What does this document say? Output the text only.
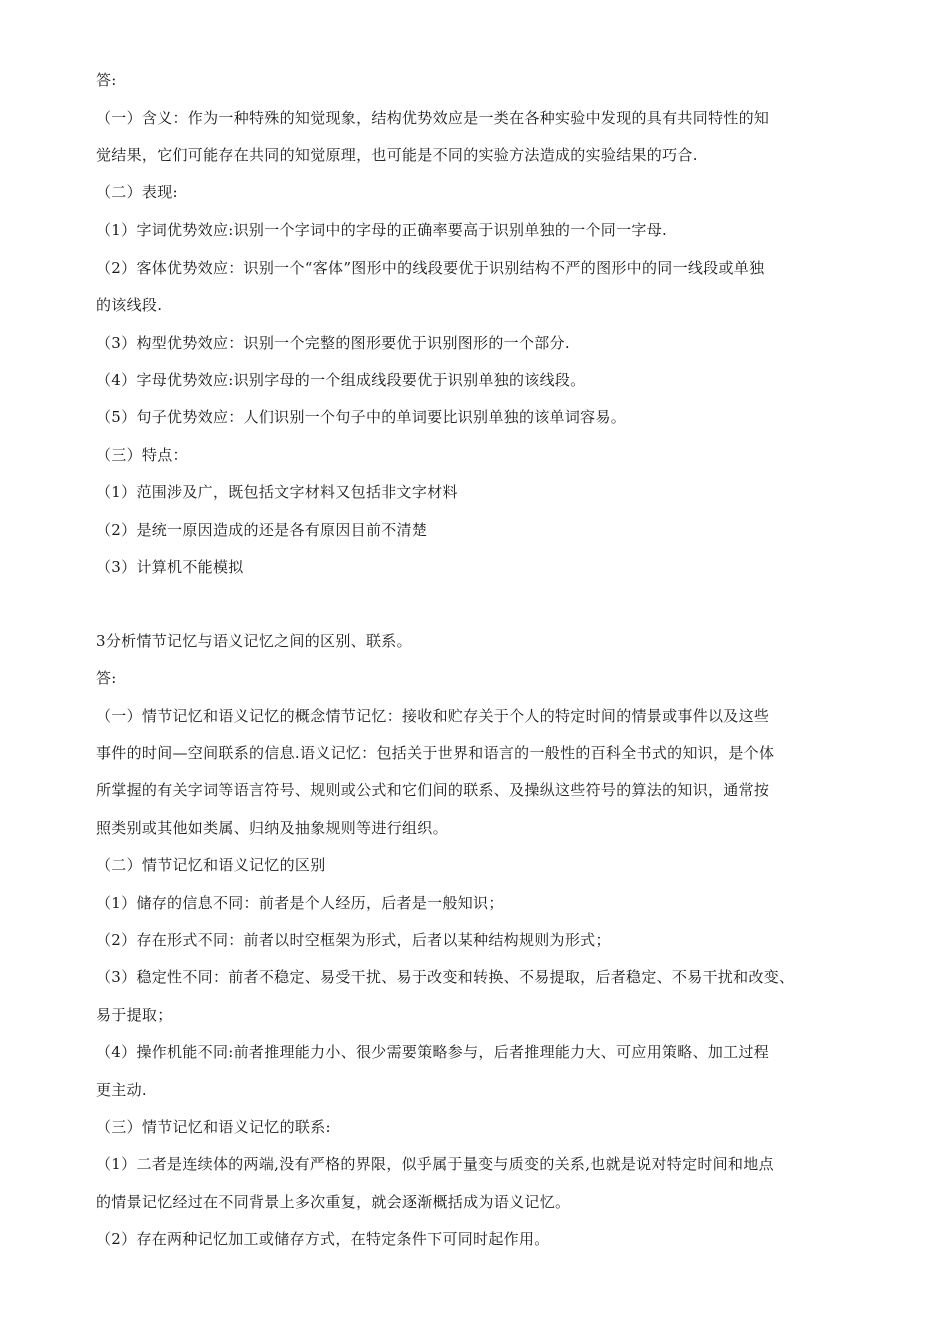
答:
（一）含义：作为一种特殊的知觉现象，结构优势效应是一类在各种实验中发现的具有共同特性的知
觉结果，它们可能存在共同的知觉原理，也可能是不同的实验方法造成的实验结果的巧合.
（二）表现:
（1）字词优势效应:识别一个字词中的字母的正确率要高于识别单独的一个同一字母.
（2）客体优势效应：识别一个“客体”图形中的线段要优于识别结构不严的图形中的同一线段或单独
的该线段.
（3）构型优势效应：识别一个完整的图形要优于识别图形的一个部分.
（4）字母优势效应:识别字母的一个组成线段要优于识别单独的该线段。
（5）句子优势效应：人们识别一个句子中的单词要比识别单独的该单词容易。
（三）特点：
（1）范围涉及广，既包括文字材料又包括非文字材料
（2）是统一原因造成的还是各有原因目前不清楚
（3）计算机不能模拟
3分析情节记忆与语义记忆之间的区别、联系。
答:
（一）情节记忆和语义记忆的概念情节记忆：接收和贮存关于个人的特定时间的情景或事件以及这些
事件的时间—空间联系的信息.语义记忆：包括关于世界和语言的一般性的百科全书式的知识，是个体
所掌握的有关字词等语言符号、规则或公式和它们间的联系、及操纵这些符号的算法的知识，通常按
照类别或其他如类属、归纳及抽象规则等进行组织。
（二）情节记忆和语义记忆的区别
（1）储存的信息不同：前者是个人经历，后者是一般知识；
（2）存在形式不同：前者以时空框架为形式，后者以某种结构规则为形式；
（3）稳定性不同：前者不稳定、易受干扰、易于改变和转换、不易提取，后者稳定、不易干扰和改变、
易于提取；
（4）操作机能不同:前者推理能力小、很少需要策略参与，后者推理能力大、可应用策略、加工过程
更主动.
（三）情节记忆和语义记忆的联系:
（1）二者是连续体的两端,没有严格的界限，似乎属于量变与质变的关系,也就是说对特定时间和地点
的情景记忆经过在不同背景上多次重复，就会逐渐概括成为语义记忆。
（2）存在两种记忆加工或储存方式，在特定条件下可同时起作用。
